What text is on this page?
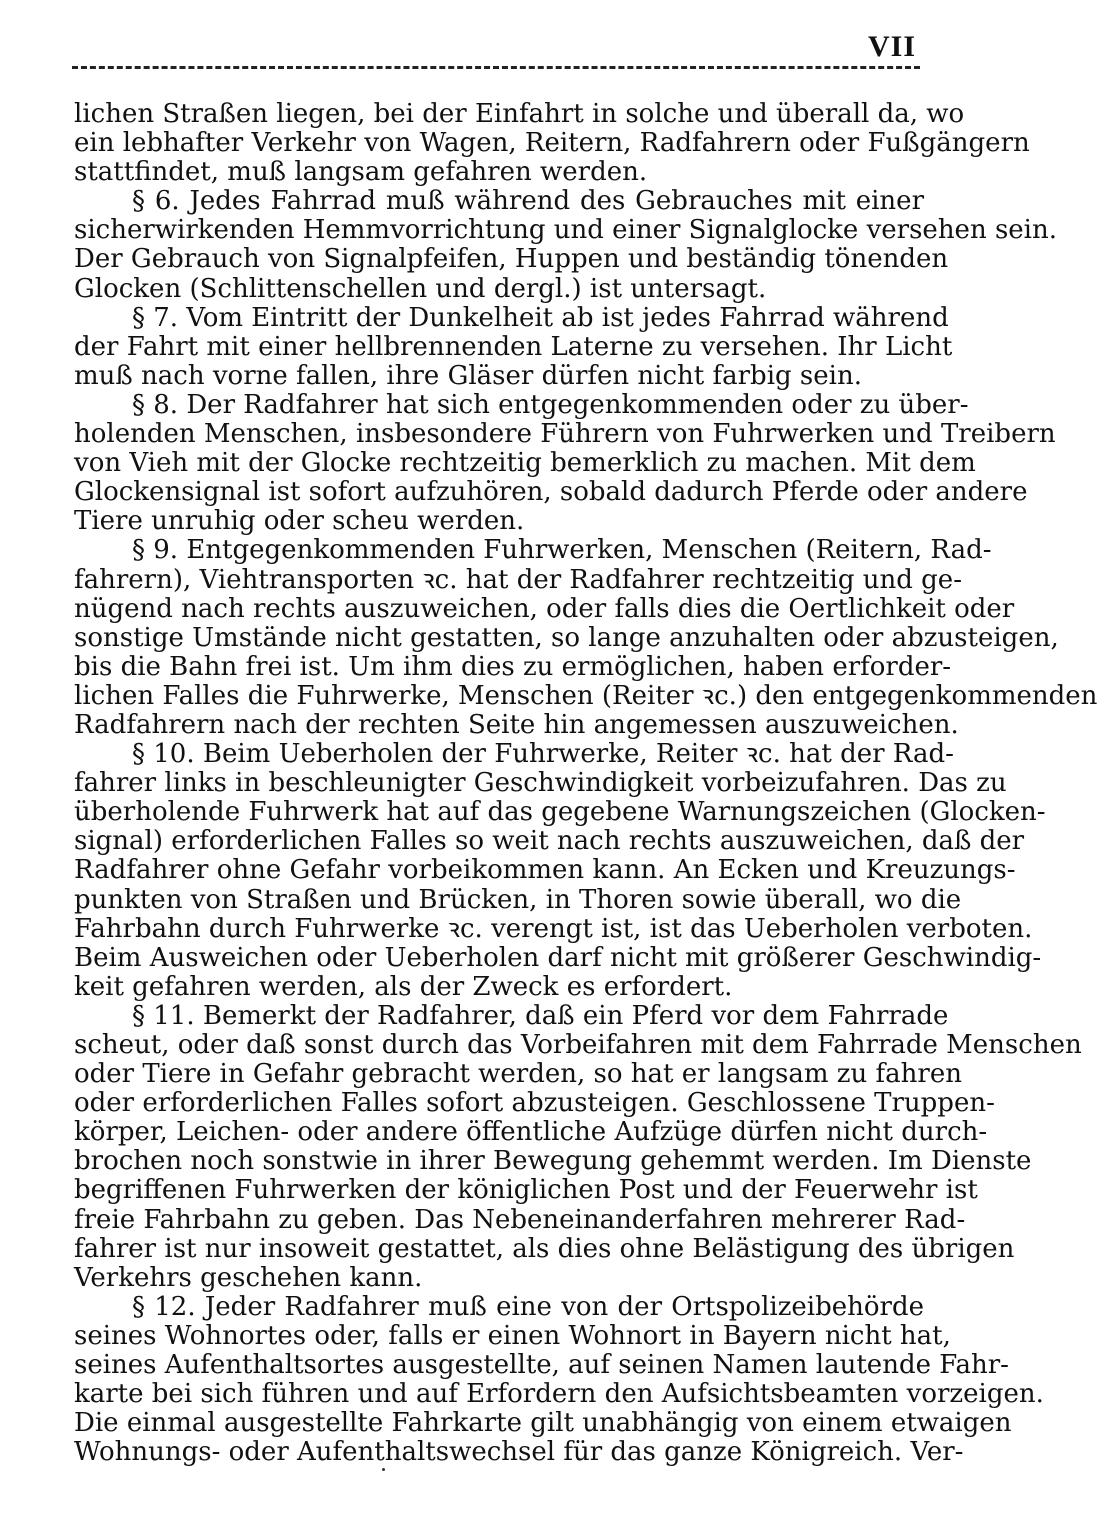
VII
lichen Straßen liegen, bei der Einfahrt in solche und überall da, wo
ein lebhafter Verkehr von Wagen, Reitern, Radfahrern oder Fußgängern
stattfindet, muß langsam gefahren werden.
§ 6. Jedes Fahrrad muß während des Gebrauches mit einer
sicherwirkenden Hemmvorrichtung und einer Signalglocke versehen sein.
Der Gebrauch von Signalpfeifen, Huppen und beständig tönenden
Glocken (Schlittenschellen und dergl.) ist untersagt.
§ 7. Vom Eintritt der Dunkelheit ab ist jedes Fahrrad während
der Fahrt mit einer hellbrennenden Laterne zu versehen. Ihr Licht
muß nach vorne fallen, ihre Gläser dürfen nicht farbig sein.
§ 8. Der Radfahrer hat sich entgegenkommenden oder zu über-
holenden Menschen, insbesondere Führern von Fuhrwerken und Treibern
von Vieh mit der Glocke rechtzeitig bemerklich zu machen. Mit dem
Glockensignal ist sofort aufzuhören, sobald dadurch Pferde oder andere
Tiere unruhig oder scheu werden.
§ 9. Entgegenkommenden Fuhrwerken, Menschen (Reitern, Rad-
fahrern), Viehtransporten ꝛc. hat der Radfahrer rechtzeitig und ge-
nügend nach rechts auszuweichen, oder falls dies die Oertlichkeit oder
sonstige Umstände nicht gestatten, so lange anzuhalten oder abzusteigen,
bis die Bahn frei ist. Um ihm dies zu ermöglichen, haben erforder-
lichen Falles die Fuhrwerke, Menschen (Reiter ꝛc.) den entgegenkommenden
Radfahrern nach der rechten Seite hin angemessen auszuweichen.
§ 10. Beim Ueberholen der Fuhrwerke, Reiter ꝛc. hat der Rad-
fahrer links in beschleunigter Geschwindigkeit vorbeizufahren. Das zu
überholende Fuhrwerk hat auf das gegebene Warnungszeichen (Glocken-
signal) erforderlichen Falles so weit nach rechts auszuweichen, daß der
Radfahrer ohne Gefahr vorbeikommen kann. An Ecken und Kreuzungs-
punkten von Straßen und Brücken, in Thoren sowie überall, wo die
Fahrbahn durch Fuhrwerke ꝛc. verengt ist, ist das Ueberholen verboten.
Beim Ausweichen oder Ueberholen darf nicht mit größerer Geschwindig-
keit gefahren werden, als der Zweck es erfordert.
§ 11. Bemerkt der Radfahrer, daß ein Pferd vor dem Fahrrade
scheut, oder daß sonst durch das Vorbeifahren mit dem Fahrrade Menschen
oder Tiere in Gefahr gebracht werden, so hat er langsam zu fahren
oder erforderlichen Falles sofort abzusteigen. Geschlossene Truppen-
körper, Leichen- oder andere öffentliche Aufzüge dürfen nicht durch-
brochen noch sonstwie in ihrer Bewegung gehemmt werden. Im Dienste
begriffenen Fuhrwerken der königlichen Post und der Feuerwehr ist
freie Fahrbahn zu geben. Das Nebeneinanderfahren mehrerer Rad-
fahrer ist nur insoweit gestattet, als dies ohne Belästigung des übrigen
Verkehrs geschehen kann.
§ 12. Jeder Radfahrer muß eine von der Ortspolizeibehörde
seines Wohnortes oder, falls er einen Wohnort in Bayern nicht hat,
seines Aufenthaltsortes ausgestellte, auf seinen Namen lautende Fahr-
karte bei sich führen und auf Erfordern den Aufsichtsbeamten vorzeigen.
Die einmal ausgestellte Fahrkarte gilt unabhängig von einem etwaigen
Wohnungs- oder Aufenthaltswechsel für das ganze Königreich. Ver-
